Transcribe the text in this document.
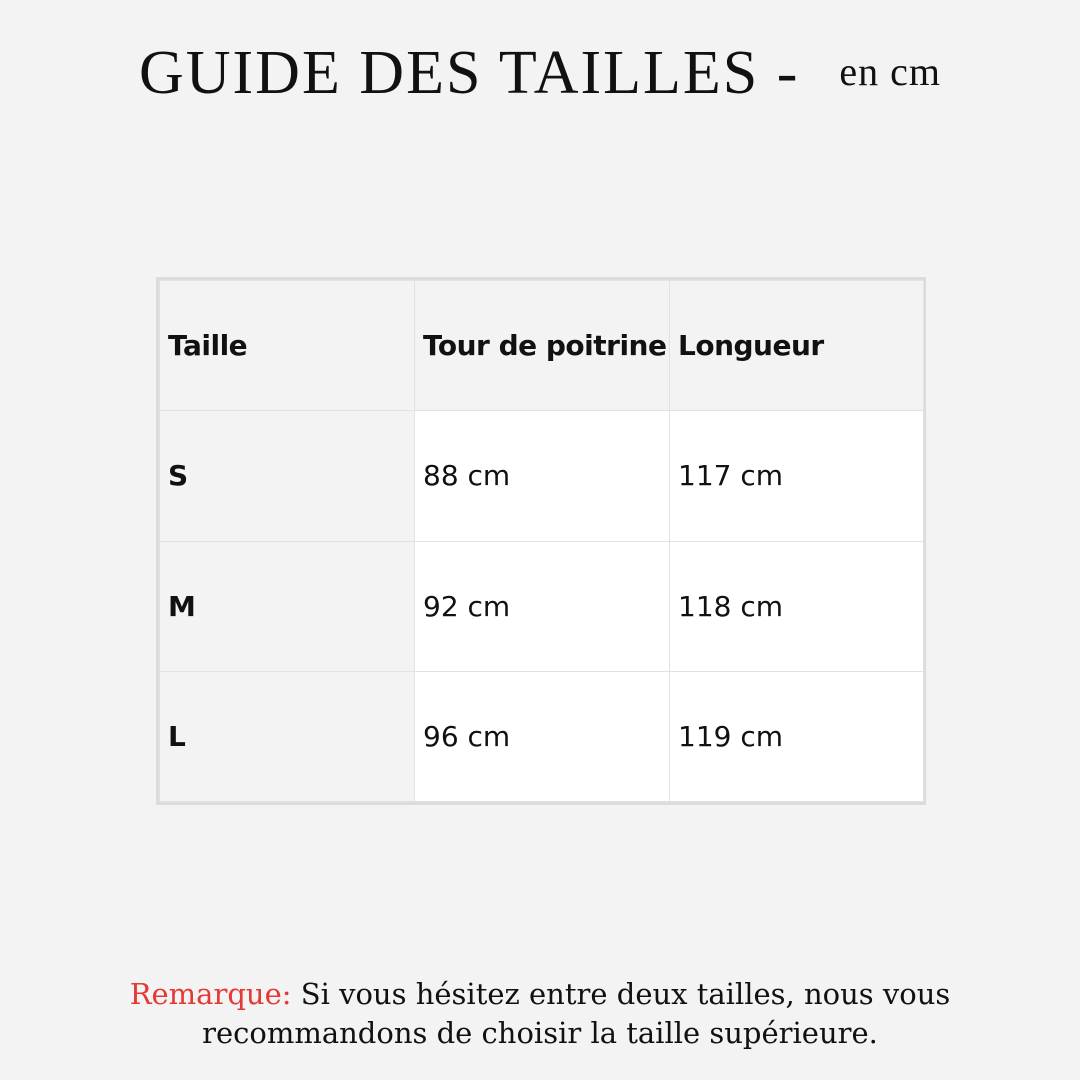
GUIDE DES TAILLES - en cm
Taille	Tour de poitrine	Longueur
S	88 cm	117 cm
M	92 cm	118 cm
L	96 cm	119 cm
Remarque: Si vous hésitez entre deux tailles, nous vous recommandons de choisir la taille supérieure.
